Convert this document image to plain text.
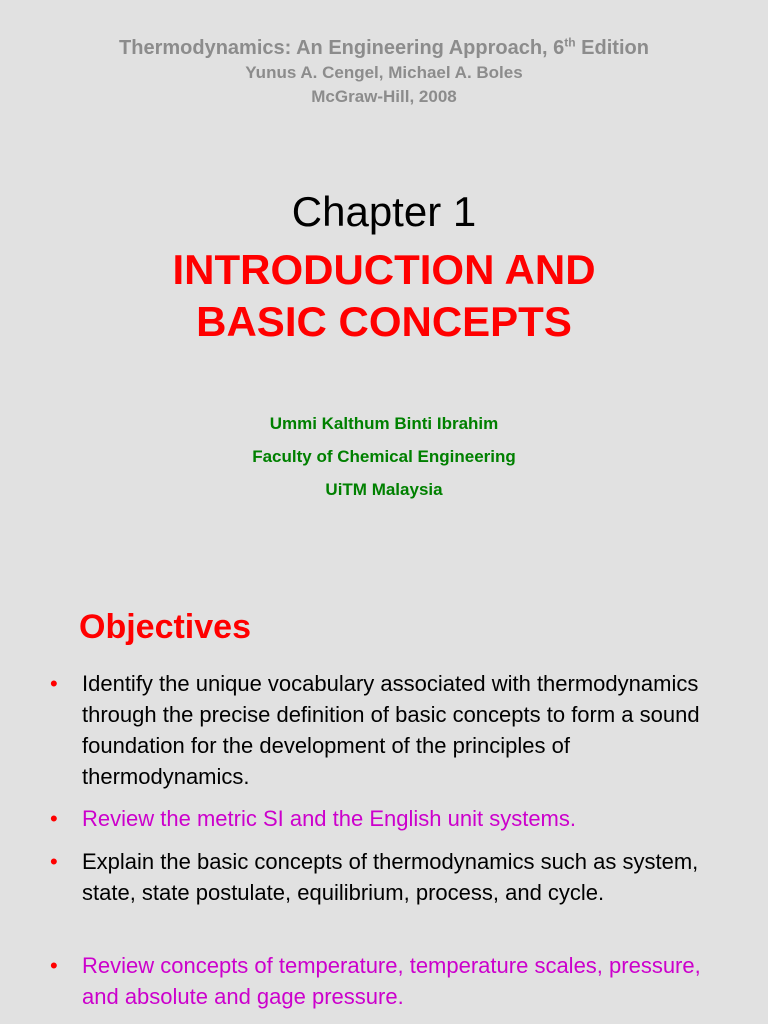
Thermodynamics: An Engineering Approach, 6th Edition
Yunus A. Cengel, Michael A. Boles
McGraw-Hill, 2008
Chapter 1
INTRODUCTION AND
BASIC CONCEPTS
Ummi Kalthum Binti Ibrahim
Faculty of Chemical Engineering
UiTM Malaysia
Objectives
• Identify the unique vocabulary associated with thermodynamics through the precise definition of basic concepts to form a sound foundation for the development of the principles of thermodynamics.
• Review the metric SI and the English unit systems.
• Explain the basic concepts of thermodynamics such as system, state, state postulate, equilibrium, process, and cycle.
• Review concepts of temperature, temperature scales, pressure, and absolute and gage pressure.
